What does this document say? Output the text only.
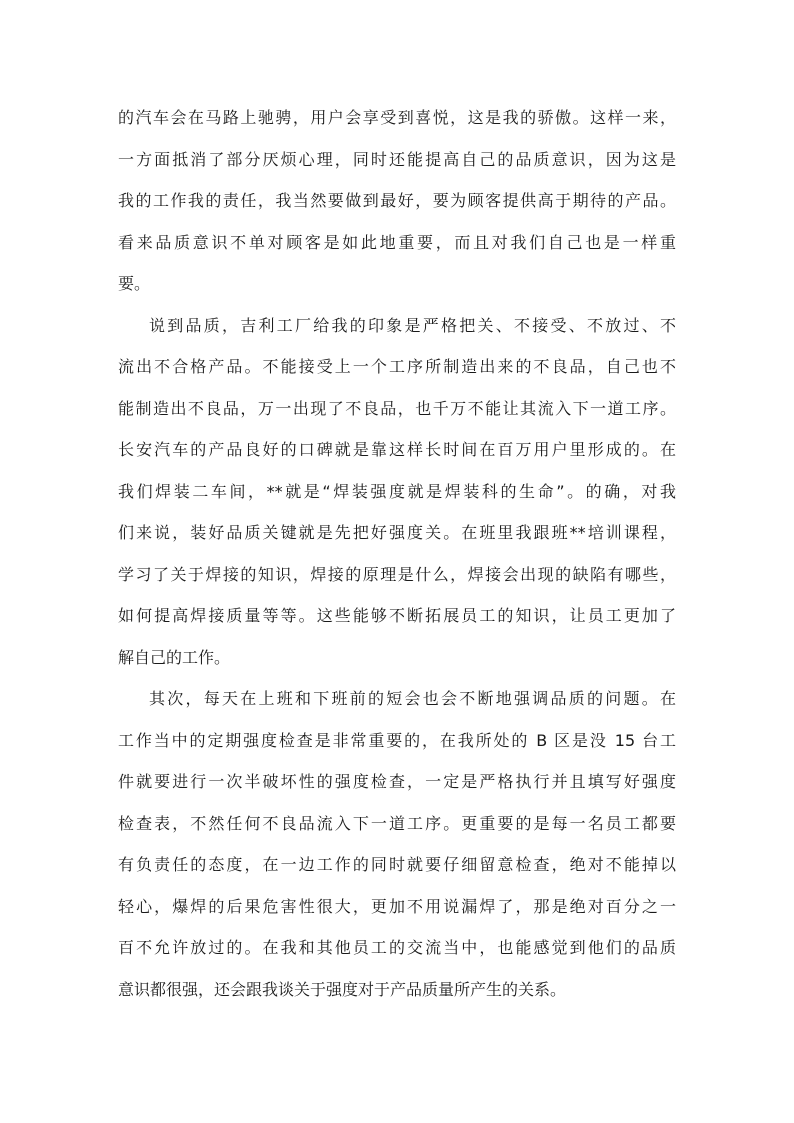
的汽车会在马路上驰骋，用户会享受到喜悦，这是我的骄傲。这样一来，
一方面抵消了部分厌烦心理，同时还能提高自己的品质意识，因为这是
我的工作我的责任，我当然要做到最好，要为顾客提供高于期待的产品。
看来品质意识不单对顾客是如此地重要，而且对我们自己也是一样重
要。
说到品质，吉利工厂给我的印象是严格把关、不接受、不放过、不
流出不合格产品。不能接受上一个工序所制造出来的不良品，自己也不
能制造出不良品，万一出现了不良品，也千万不能让其流入下一道工序。
长安汽车的产品良好的口碑就是靠这样长时间在百万用户里形成的。在
我们焊装二车间，**就是“焊装强度就是焊装科的生命”。的确，对我
们来说，装好品质关键就是先把好强度关。在班里我跟班**培训课程，
学习了关于焊接的知识，焊接的原理是什么，焊接会出现的缺陷有哪些，
如何提高焊接质量等等。这些能够不断拓展员工的知识，让员工更加了
解自己的工作。
其次，每天在上班和下班前的短会也会不断地强调品质的问题。在
工作当中的定期强度检查是非常重要的，在我所处的 B 区是没 15 台工
件就要进行一次半破坏性的强度检查，一定是严格执行并且填写好强度
检查表，不然任何不良品流入下一道工序。更重要的是每一名员工都要
有负责任的态度，在一边工作的同时就要仔细留意检查，绝对不能掉以
轻心，爆焊的后果危害性很大，更加不用说漏焊了，那是绝对百分之一
百不允许放过的。在我和其他员工的交流当中，也能感觉到他们的品质
意识都很强，还会跟我谈关于强度对于产品质量所产生的关系。
